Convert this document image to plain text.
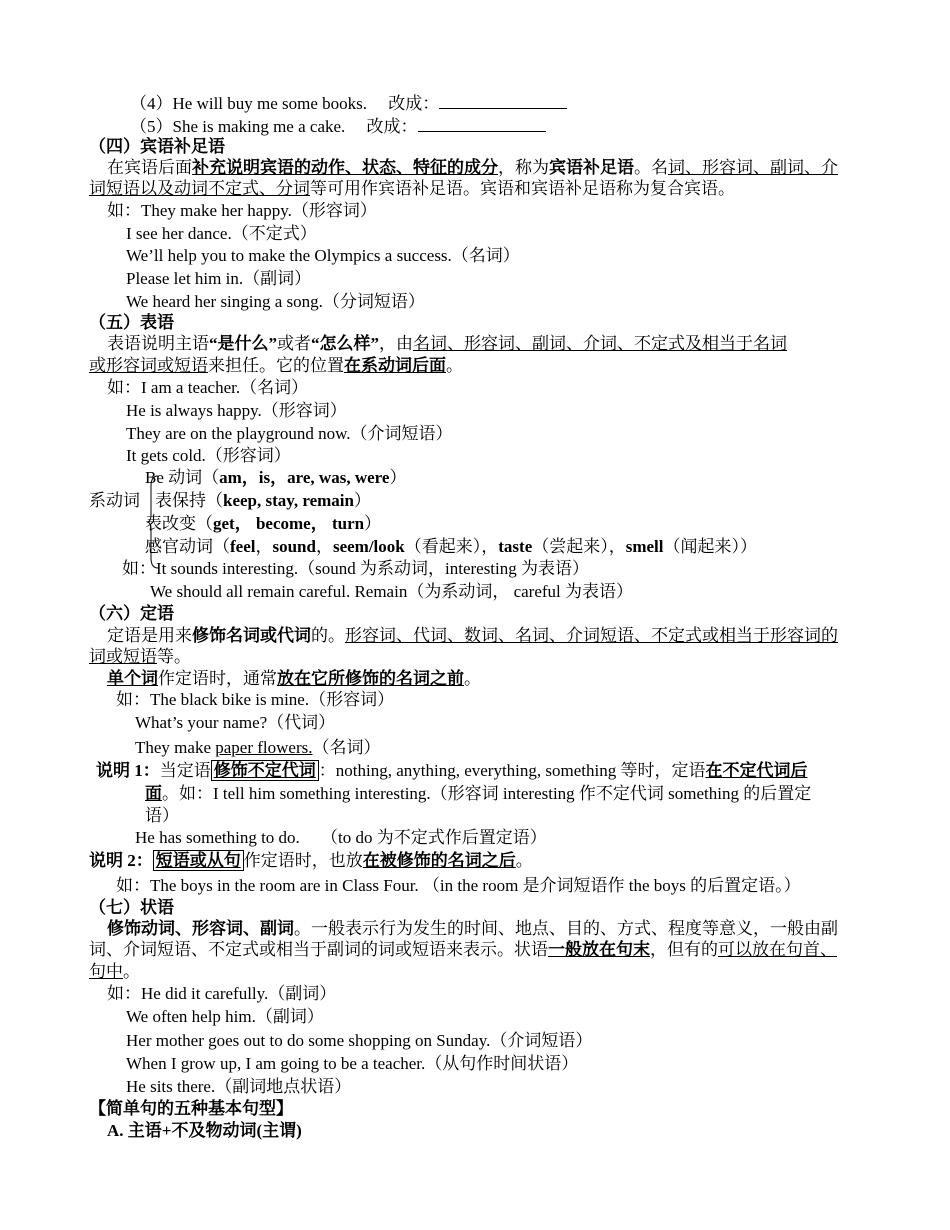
（4）He will buy me some books.　 改成：
（5）She is making me a cake.　 改成：
（四）宾语补足语
在宾语后面补充说明宾语的动作、状态、特征的成分，称为宾语补足语。名词、形容词、副词、介
词短语以及动词不定式、分词等可用作宾语补足语。宾语和宾语补足语称为复合宾语。
如：They make her happy.（形容词）
I see her dance.（不定式）
We’ll help you to make the Olympics a success.（名词）
Please let him in.（副词）
We heard her singing a song.（分词短语）
（五）表语
表语说明主语“是什么”或者“怎么样”，由名词、形容词、副词、介词、不定式及相当于名词
或形容词或短语来担任。它的位置在系动词后面。
如：I am a teacher.（名词）
He is always happy.（形容词）
They are on the playground now.（介词短语）
It gets cold.（形容词）
系动词
Be 动词（am，is，are, was, were）
表保持（keep, stay, remain）
表改变（get， become， turn）
感官动词（feel，sound，seem/look（看起来），taste（尝起来），smell（闻起来））
如：It sounds interesting.（sound 为系动词，interesting 为表语）
We should all remain careful. Remain（为系动词， careful 为表语）
（六）定语
定语是用来修饰名词或代词的。形容词、代词、数词、名词、介词短语、不定式或相当于形容词的
词或短语等。
单个词作定语时，通常放在它所修饰的名词之前。
如：The black bike is mine.（形容词）
What’s your name?（代词）
They make paper flowers.（名词）
说明 1：当定语 修饰不定代词 ：nothing, anything, everything, something 等时，定语在不定代词后
面。如：I tell him something interesting.（形容词 interesting 作不定代词 something 的后置定
语）
He has something to do.　 （to do 为不定式作后置定语）
说明 2： 短语或从句 作定语时，也放在被修饰的名词之后。
如：The boys in the room are in Class Four. （in the room 是介词短语作 the boys 的后置定语。）
（七）状语
修饰动词、形容词、副词。一般表示行为发生的时间、地点、目的、方式、程度等意义，一般由副
词、介词短语、不定式或相当于副词的词或短语来表示。状语一般放在句末，但有的可以放在句首、
句中。
如：He did it carefully.（副词）
We often help him.（副词）
Her mother goes out to do some shopping on Sunday.（介词短语）
When I grow up, I am going to be a teacher.（从句作时间状语）
He sits there.（副词地点状语）
【简单句的五种基本句型】
A. 主语+不及物动词(主谓)
